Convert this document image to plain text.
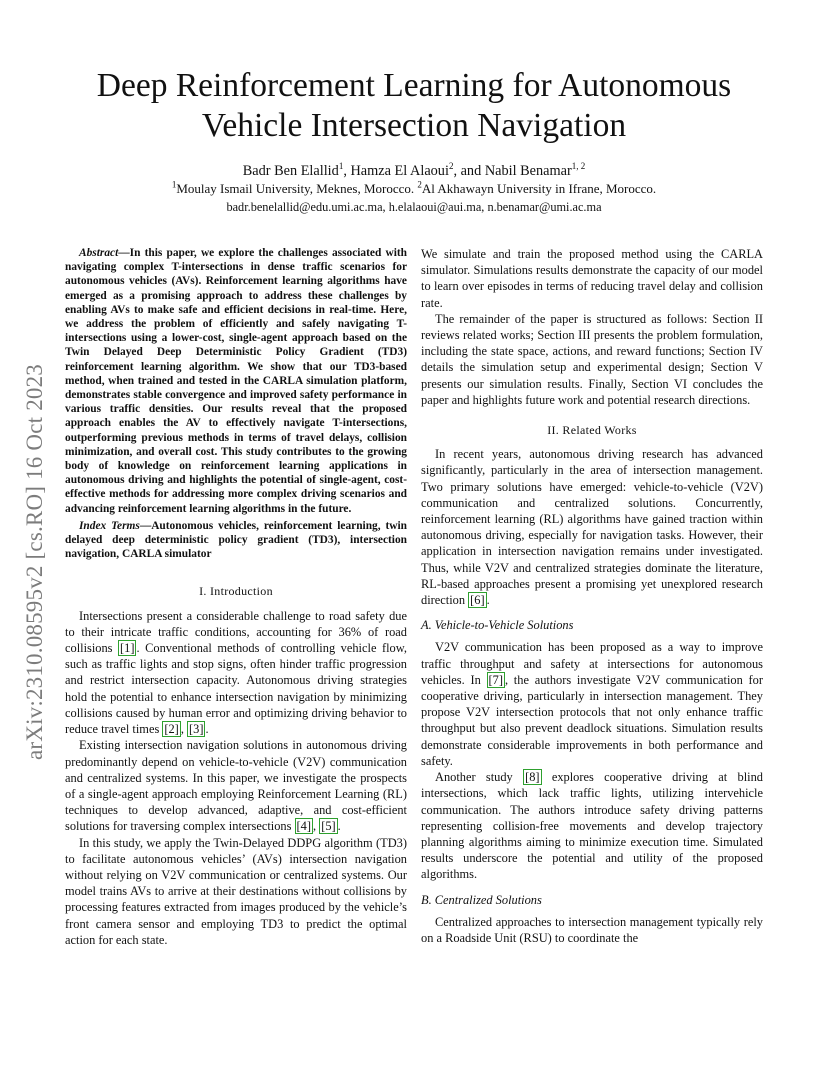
arXiv:2310.08595v2 [cs.RO] 16 Oct 2023
Deep Reinforcement Learning for Autonomous Vehicle Intersection Navigation
Badr Ben Elallid$^1$, Hamza El Alaoui$^2$, and Nabil Benamar$^{1, 2}$
$^1$Moulay Ismail University, Meknes, Morocco. $^2$Al Akhawayn University in Ifrane, Morocco.
badr.benelallid@edu.umi.ac.ma, h.elalaoui@aui.ma, n.benamar@umi.ac.ma

Abstract—In this paper, we explore the challenges associated with navigating complex T-intersections in dense traffic scenarios for autonomous vehicles (AVs). Reinforcement learning algorithms have emerged as a promising approach to address these challenges by enabling AVs to make safe and efficient decisions in real-time. Here, we address the problem of efficiently and safely navigating T-intersections using a lower-cost, single-agent approach based on the Twin Delayed Deep Deterministic Policy Gradient (TD3) reinforcement learning algorithm. We show that our TD3-based method, when trained and tested in the CARLA simulation platform, demonstrates stable convergence and improved safety performance in various traffic densities. Our results reveal that the proposed approach enables the AV to effectively navigate T-intersections, outperforming previous methods in terms of travel delays, collision minimization, and overall cost. This study contributes to the growing body of knowledge on reinforcement learning applications in autonomous driving and highlights the potential of single-agent, cost-effective methods for addressing more complex driving scenarios and advancing reinforcement learning algorithms in the future.

Index Terms—Autonomous vehicles, reinforcement learning, twin delayed deep deterministic policy gradient (TD3), intersection navigation, CARLA simulator

I. Introduction

Intersections present a considerable challenge to road safety due to their intricate traffic conditions, accounting for 36% of road collisions [1] . Conventional methods of controlling vehicle flow, such as traffic lights and stop signs, often hinder traffic progression and restrict intersection capacity. Autonomous driving strategies hold the potential to enhance intersection navigation by minimizing collisions caused by human error and optimizing driving behavior to reduce travel times [2] , [3] .

Existing intersection navigation solutions in autonomous driving predominantly depend on vehicle-to-vehicle (V2V) communication and centralized systems. In this paper, we investigate the prospects of a single-agent approach employing Reinforcement Learning (RL) techniques to develop advanced, adaptive, and cost-efficient solutions for traversing complex intersections [4] , [5] .

In this study, we apply the Twin-Delayed DDPG algorithm (TD3) to facilitate autonomous vehicles’ (AVs) intersection navigation without relying on V2V communication or centralized systems. Our model trains AVs to arrive at their destinations without collisions by processing features extracted from images produced by the vehicle’s front camera sensor and employing TD3 to predict the optimal action for each state.

We simulate and train the proposed method using the CARLA simulator. Simulations results demonstrate the capacity of our model to learn over episodes in terms of reducing travel delay and collision rate.

The remainder of the paper is structured as follows: Section II reviews related works; Section III presents the problem formulation, including the state space, actions, and reward functions; Section IV details the simulation setup and experimental design; Section V presents our simulation results. Finally, Section VI concludes the paper and highlights future work and potential research directions.

II. Related Works

In recent years, autonomous driving research has advanced significantly, particularly in the area of intersection management. Two primary solutions have emerged: vehicle-to-vehicle (V2V) communication and centralized solutions. Concurrently, reinforcement learning (RL) algorithms have gained traction within autonomous driving, especially for navigation tasks. However, their application in intersection navigation remains under investigated. Thus, while V2V and centralized strategies dominate the literature, RL-based approaches present a promising yet unexplored research direction [6] .

A. Vehicle-to-Vehicle Solutions

V2V communication has been proposed as a way to improve traffic throughput and safety at intersections for autonomous vehicles. In [7] , the authors investigate V2V communication for cooperative driving, particularly in intersection management. They propose V2V intersection protocols that not only enhance traffic throughput but also prevent deadlock situations. Simulation results demonstrate considerable improvements in both performance and safety.

Another study [8] explores cooperative driving at blind intersections, which lack traffic lights, utilizing intervehicle communication. The authors introduce safety driving patterns representing collision-free movements and develop trajectory planning algorithms aiming to minimize execution time. Simulated results underscore the potential and utility of the proposed algorithms.

B. Centralized Solutions

Centralized approaches to intersection management typically rely on a Roadside Unit (RSU) to coordinate the
